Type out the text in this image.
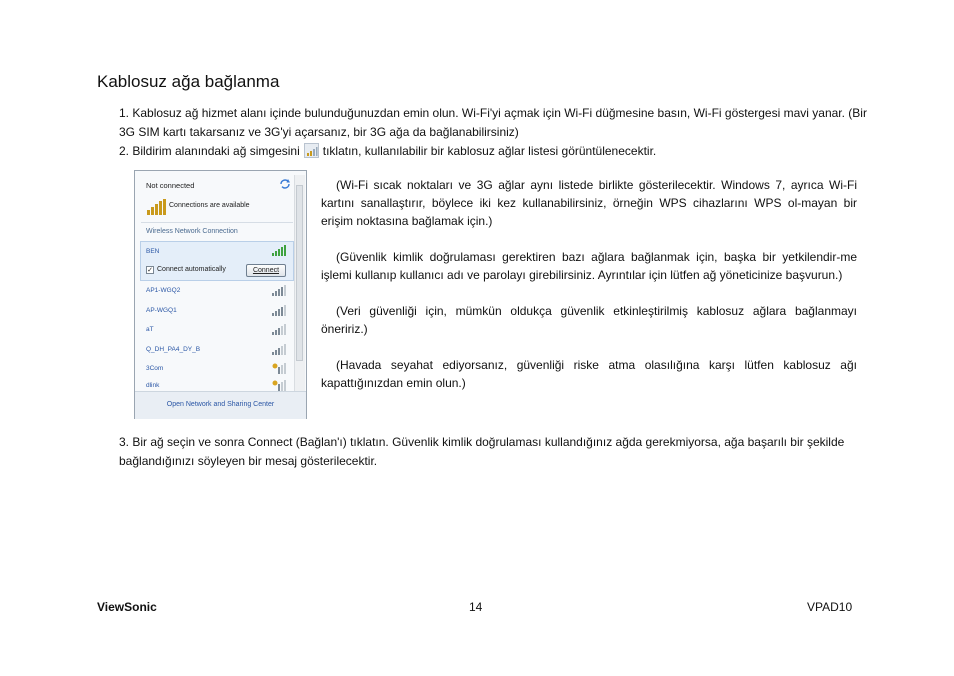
Kablosuz ağa bağlanma
1. Kablosuz ağ hizmet alanı içinde bulunduğunuzdan emin olun. Wi-Fi'yi açmak için Wi-Fi düğmesine basın, Wi-Fi göstergesi mavi yanar. (Bir 3G SIM kartı takarsanız ve 3G'yi açarsanız, bir 3G ağa da bağlanabilirsiniz)
2. Bildirim alanındaki ağ simgesini tıklatın, kullanılabilir bir kablosuz ağlar listesi görüntülenecektir.
Not connected
Connections are available
Wireless Network Connection
BEN
✓ Connect automatically	Connect
AP1-WGQ2
AP-WGQ1
aT
Q_DH_PA4_DY_B
3Com
dlink
Open Network and Sharing Center

(Wi-Fi sıcak noktaları ve 3G ağlar aynı listede birlikte gösterilecektir. Windows 7, ayrıca Wi-Fi kartını sanallaştırır, böylece iki kez kullanabilirsiniz, örneğin WPS cihazlarını WPS ol-mayan bir erişim noktasına bağlamak için.)

(Güvenlik kimlik doğrulaması gerektiren bazı ağlara bağlanmak için, başka bir yetkilendir-me işlemi kullanıp kullanıcı adı ve parolayı girebilirsiniz. Ayrıntılar için lütfen ağ yöneticinize başvurun.)

(Veri güvenliği için, mümkün oldukça güvenlik etkinleştirilmiş kablosuz ağlara bağlanmayı öneririz.)

(Havada seyahat ediyorsanız, güvenliği riske atma olasılığına karşı lütfen kablosuz ağı kapattığınızdan emin olun.)

3. Bir ağ seçin ve sonra Connect (Bağlan'ı) tıklatın. Güvenlik kimlik doğrulaması kullandığınız ağda gerekmiyorsa, ağa başarılı bir şekilde bağlandığınızı söyleyen bir mesaj gösterilecektir.
ViewSonic	14	VPAD10
